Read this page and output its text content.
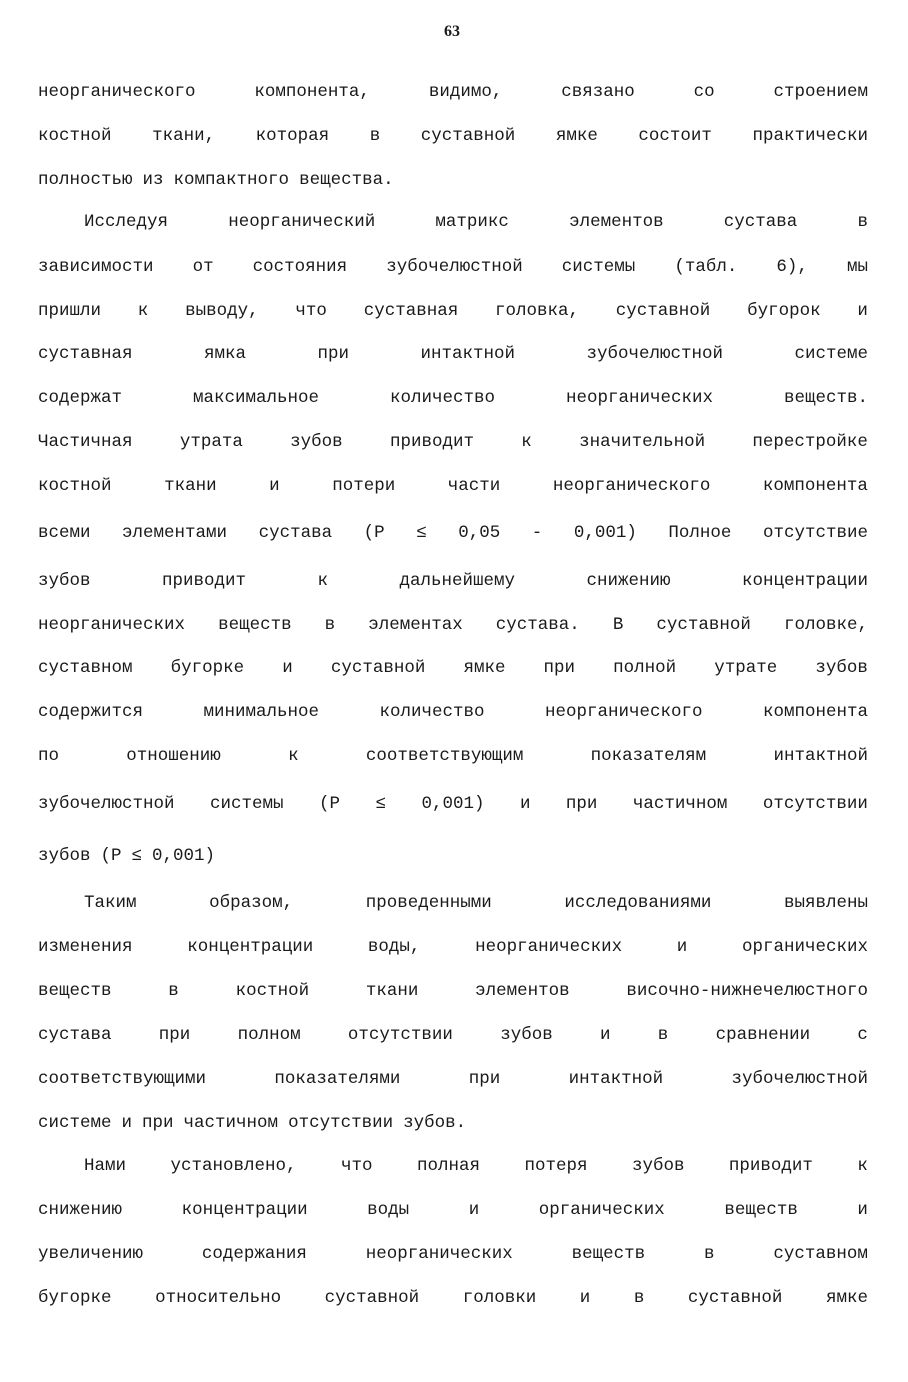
63
неорганического	компонента,	видимо,	связано	со	строением
костной ткани, которая в суставной ямке состоит практически
полностью из компактного вещества.
Исследуя	неорганический	матрикс	элементов	сустава	в
зависимости от состояния зубочелюстной системы (табл. 6), мы
пришли к выводу, что суставная головка, суставной бугорок и
суставная	ямка	при	интактной	зубочелюстной	системе
содержат	максимальное	количество	неорганических	веществ.
Частичная	утрата	зубов	приводит	к	значительной	перестройке
костной	ткани	и	потери	части	неорганического	компонента
всеми элементами сустава (P ≤ 0,05 - 0,001) Полное отсутствие
зубов	приводит	к	дальнейшему	снижению	концентрации
неорганических веществ в элементах сустава. В суставной головке,
суставном бугорке и суставной ямке при полной утрате зубов
содержится	минимальное	количество	неорганического	компонента
по	отношению	к	соответствующим	показателям	интактной
зубочелюстной системы (P ≤ 0,001) и при частичном отсутствии
зубов (P ≤ 0,001)
Таким	образом,	проведенными	исследованиями	выявлены
изменения	концентрации	воды,	неорганических	и	органических
веществ	в	костной	ткани	элементов	височно-нижнечелюстного
сустава	при	полном	отсутствии	зубов	и	в	сравнении	с
соответствующими	показателями	при	интактной	зубочелюстной
системе и при частичном отсутствии зубов.
Нами	установлено,	что	полная	потеря	зубов	приводит	к
снижению	концентрации	воды	и	органических	веществ	и
увеличению	содержания	неорганических	веществ	в	суставном
бугорке относительно суставной головки и в суставной ямке
